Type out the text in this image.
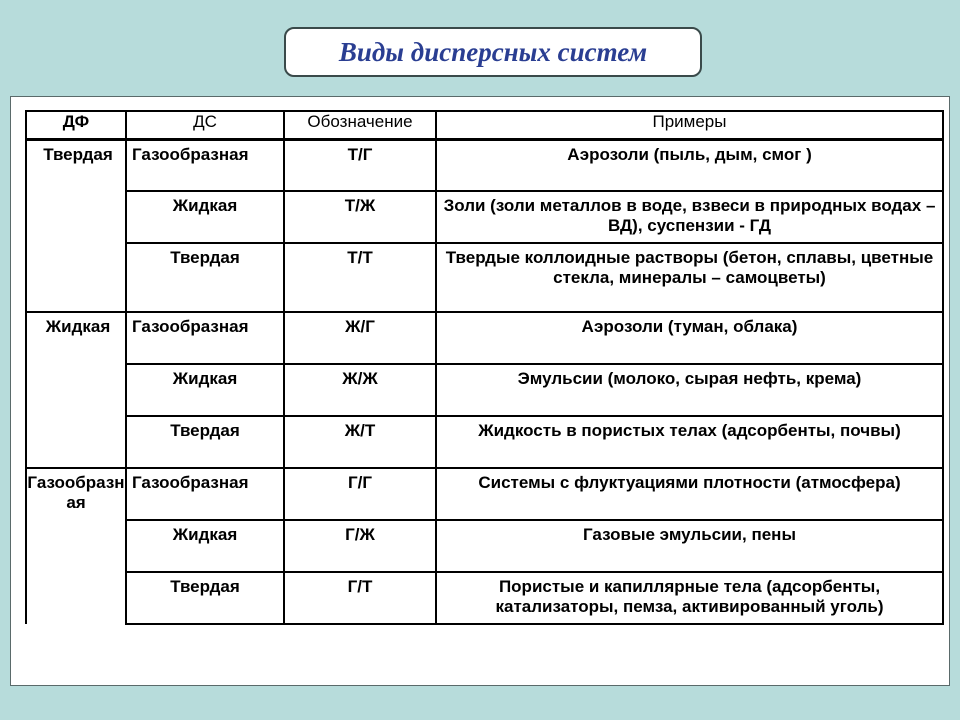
Виды дисперсных систем
ДФ	ДС	Обозначение	Примеры
Твердая	Газообразная	Т/Г	Аэрозоли (пыль, дым, смог )
	Жидкая	Т/Ж	Золи (золи металлов в воде, взвеси в природных водах – ВД), суспензии - ГД
	Твердая	Т/Т	Твердые коллоидные растворы (бетон, сплавы, цветные стекла, минералы – самоцветы)
Жидкая	Газообразная	Ж/Г	Аэрозоли (туман, облака)
	Жидкая	Ж/Ж	Эмульсии (молоко, сырая нефть, крема)
	Твердая	Ж/Т	Жидкость в пористых телах (адсорбенты, почвы)
Газообразная	Газообразная	Г/Г	Системы с флуктуациями плотности (атмосфера)
	Жидкая	Г/Ж	Газовые эмульсии, пены
	Твердая	Г/Т	Пористые и капиллярные тела (адсорбенты, катализаторы, пемза, активированный уголь)
